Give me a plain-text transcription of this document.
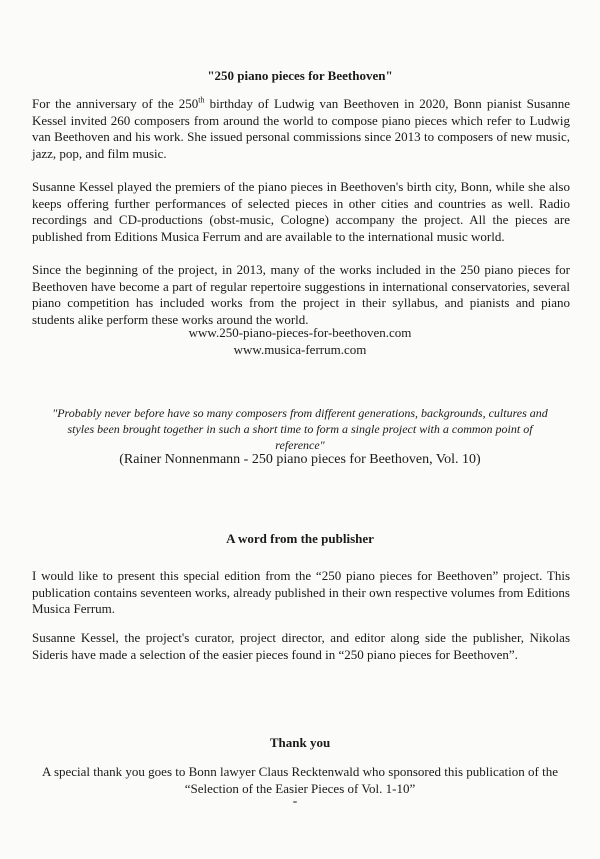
"250 piano pieces for Beethoven"

For the anniversary of the 250th birthday of Ludwig van Beethoven in 2020, Bonn pianist Susanne Kessel invited 260 composers from around the world to compose piano pieces which refer to Ludwig van Beethoven and his work. She issued personal commissions since 2013 to composers of new music, jazz, pop, and film music.

Susanne Kessel played the premiers of the piano pieces in Beethoven's birth city, Bonn, while she also keeps offering further performances of selected pieces in other cities and countries as well. Radio recordings and CD-productions (obst-music, Cologne) accompany the project. All the pieces are published from Editions Musica Ferrum and are available to the international music world.

Since the beginning of the project, in 2013, many of the works included in the 250 piano pieces for Beethoven have become a part of regular repertoire suggestions in international conservatories, several piano competition has included works from the project in their syllabus, and pianists and piano students alike perform these works around the world.

www.250-piano-pieces-for-beethoven.com
www.musica-ferrum.com
"Probably never before have so many composers from different generations, backgrounds, cultures and styles been brought together in such a short time to form a single project with a common point of reference"
(Rainer Nonnenmann - 250 piano pieces for Beethoven, Vol. 10)
A word from the publisher

I would like to present this special edition from the “250 piano pieces for Beethoven” project. This publication contains seventeen works, already published in their own respective volumes from Editions Musica Ferrum.

Susanne Kessel, the project's curator, project director, and editor along side the publisher, Nikolas Sideris have made a selection of the easier pieces found in “250 piano pieces for Beethoven”.

Thank you
A special thank you goes to Bonn lawyer Claus Recktenwald who sponsored this publication of the
“Selection of the Easier Pieces of Vol. 1-10”
